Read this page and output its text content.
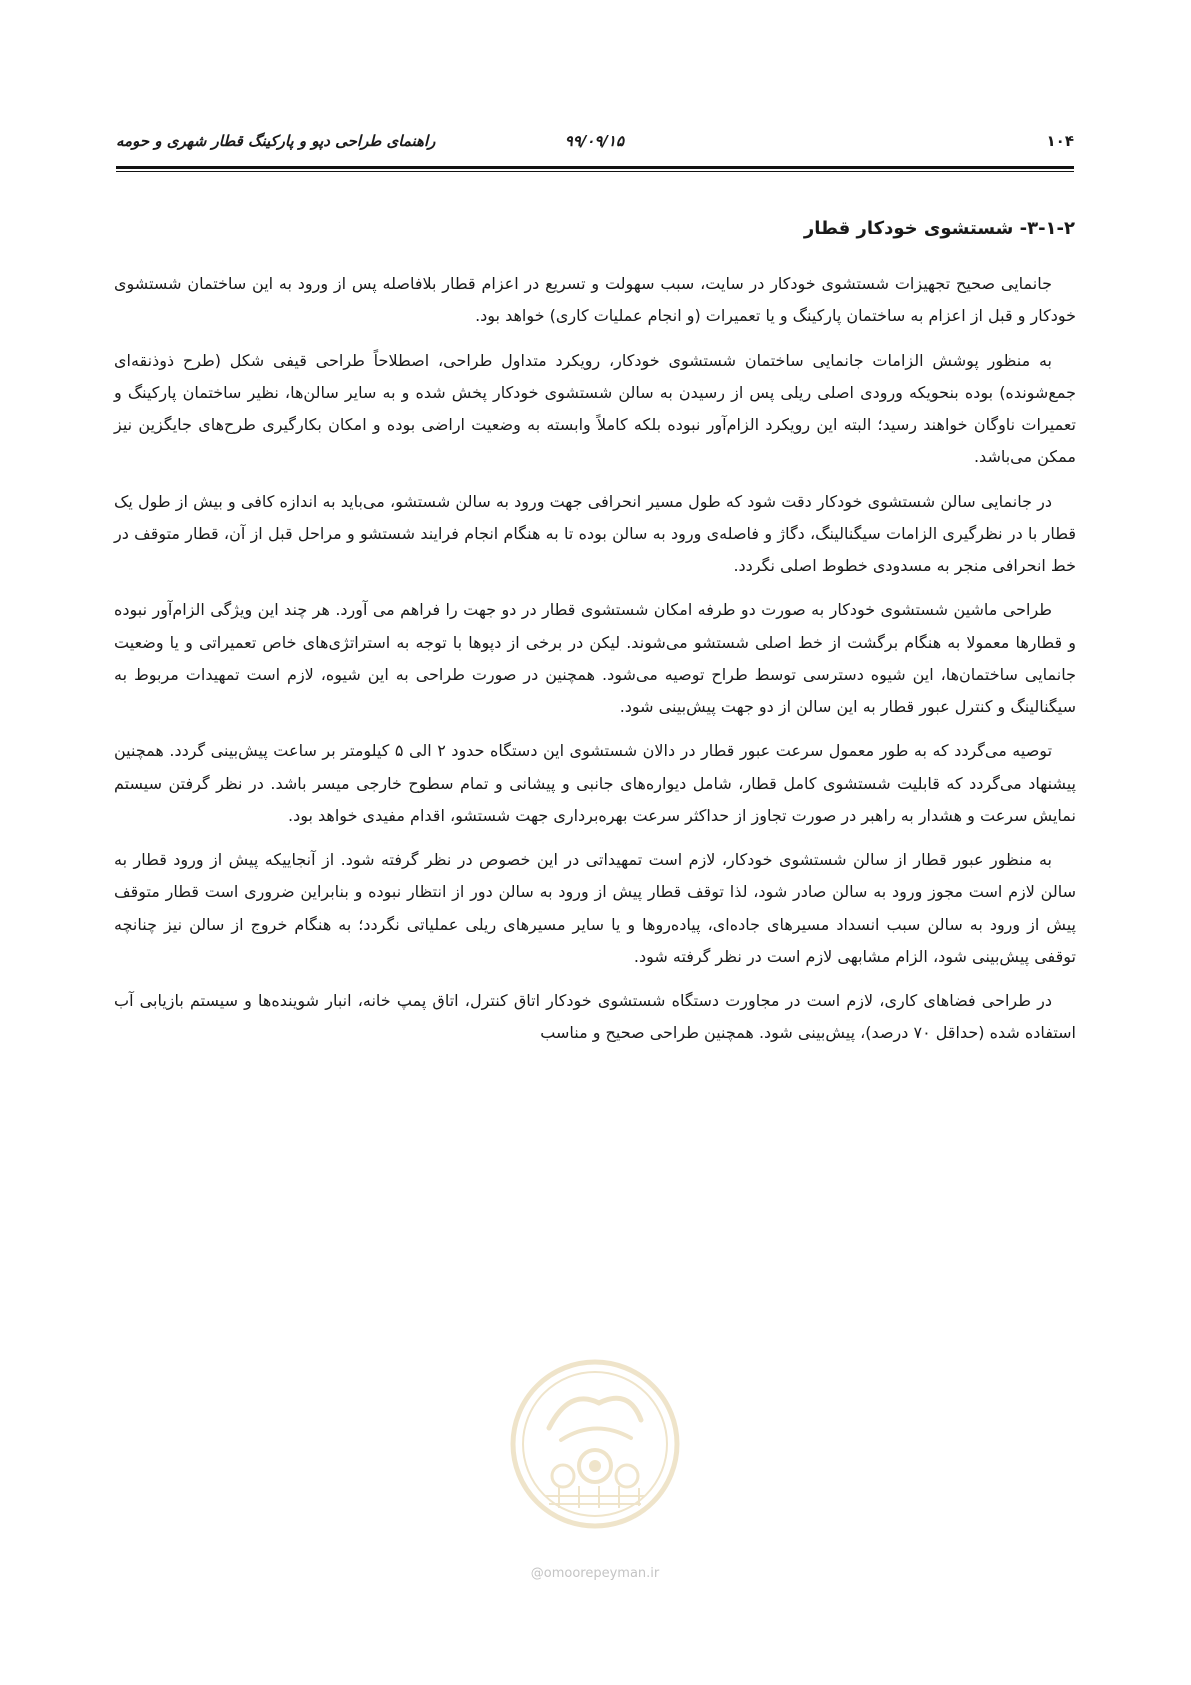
۱۰۴
۹۹/۰۹/۱۵
راهنمای طراحی دپو و پارکینگ قطار شهری و حومه
۳-۱-۲- شستشوی خودکار قطار

جانمایی صحیح تجهیزات شستشوی خودکار در سایت، سبب سهولت و تسریع در اعزام قطار بلافاصله پس از ورود به این ساختمان شستشوی خودکار و قبل از اعزام به ساختمان پارکینگ و یا تعمیرات (و انجام عملیات کاری) خواهد بود.

به منظور پوشش الزامات جانمایی ساختمان شستشوی خودکار، رویکرد متداول طراحی، اصطلاحاً طراحی قیفی شکل (طرح ذوذنقه‌ای جمع‌شونده) بوده بنحویکه ورودی اصلی ریلی پس از رسیدن به سالن شستشوی خودکار پخش شده و به سایر سالن‌ها، نظیر ساختمان پارکینگ و تعمیرات ناوگان خواهند رسید؛ البته این رویکرد الزام‌آور نبوده بلکه کاملاً وابسته به وضعیت اراضی بوده و امکان بکارگیری طرح‌های جایگزین نیز ممکن می‌باشد.

در جانمایی سالن شستشوی خودکار دقت شود که طول مسیر انحرافی جهت ورود به سالن شستشو، می‌باید به اندازه کافی و بیش از طول یک قطار با در نظرگیری الزامات سیگنالینگ، دگاژ و فاصله‌ی ورود به سالن بوده تا به هنگام انجام فرایند شستشو و مراحل قبل از آن، قطار متوقف در خط انحرافی منجر به مسدودی خطوط اصلی نگردد.

طراحی ماشین شستشوی خودکار به صورت دو طرفه امکان شستشوی قطار در دو جهت را فراهم می آورد. هر چند این ویژگی الزام‌آور نبوده و قطارها معمولا به هنگام برگشت از خط اصلی شستشو می‌شوند. لیکن در برخی از دپوها با توجه به استراتژی‌های خاص تعمیراتی و یا وضعیت جانمایی ساختمان‌ها، این شیوه دسترسی توسط طراح توصیه می‌شود. همچنین در صورت طراحی به این شیوه، لازم است تمهیدات مربوط به سیگنالینگ و کنترل عبور قطار به این سالن از دو جهت پیش‌بینی شود.

توصیه می‌گردد که به طور معمول سرعت عبور قطار در دالان شستشوی این دستگاه حدود ۲ الی ۵ کیلومتر بر ساعت پیش‌بینی گردد. همچنین پیشنهاد می‌گردد که قابلیت شستشوی کامل قطار، شامل دیواره‌های جانبی و پیشانی و تمام سطوح خارجی میسر باشد. در نظر گرفتن سیستم نمایش سرعت و هشدار به راهبر در صورت تجاوز از حداکثر سرعت بهره‌برداری جهت شستشو، اقدام مفیدی خواهد بود.

به منظور عبور قطار از سالن شستشوی خودکار، لازم است تمهیداتی در این خصوص در نظر گرفته شود. از آنجاییکه پیش از ورود قطار به سالن لازم است مجوز ورود به سالن صادر شود، لذا توقف قطار پیش از ورود به سالن دور از انتظار نبوده و بنابراین ضروری است قطار متوقف پیش از ورود به سالن سبب انسداد مسیرهای جاده‌ای، پیاده‌روها و یا سایر مسیرهای ریلی عملیاتی نگردد؛ به هنگام خروج از سالن نیز چنانچه توقفی پیش‌بینی شود، الزام مشابهی لازم است در نظر گرفته شود.

در طراحی فضاهای کاری، لازم است در مجاورت دستگاه شستشوی خودکار اتاق کنترل، اتاق پمپ خانه، انبار شوینده‌ها و سیستم بازیابی آب استفاده شده (حداقل ۷۰ درصد)، پیش‌بینی شود. همچنین طراحی صحیح و مناسب

@omoorepeyman.ir
